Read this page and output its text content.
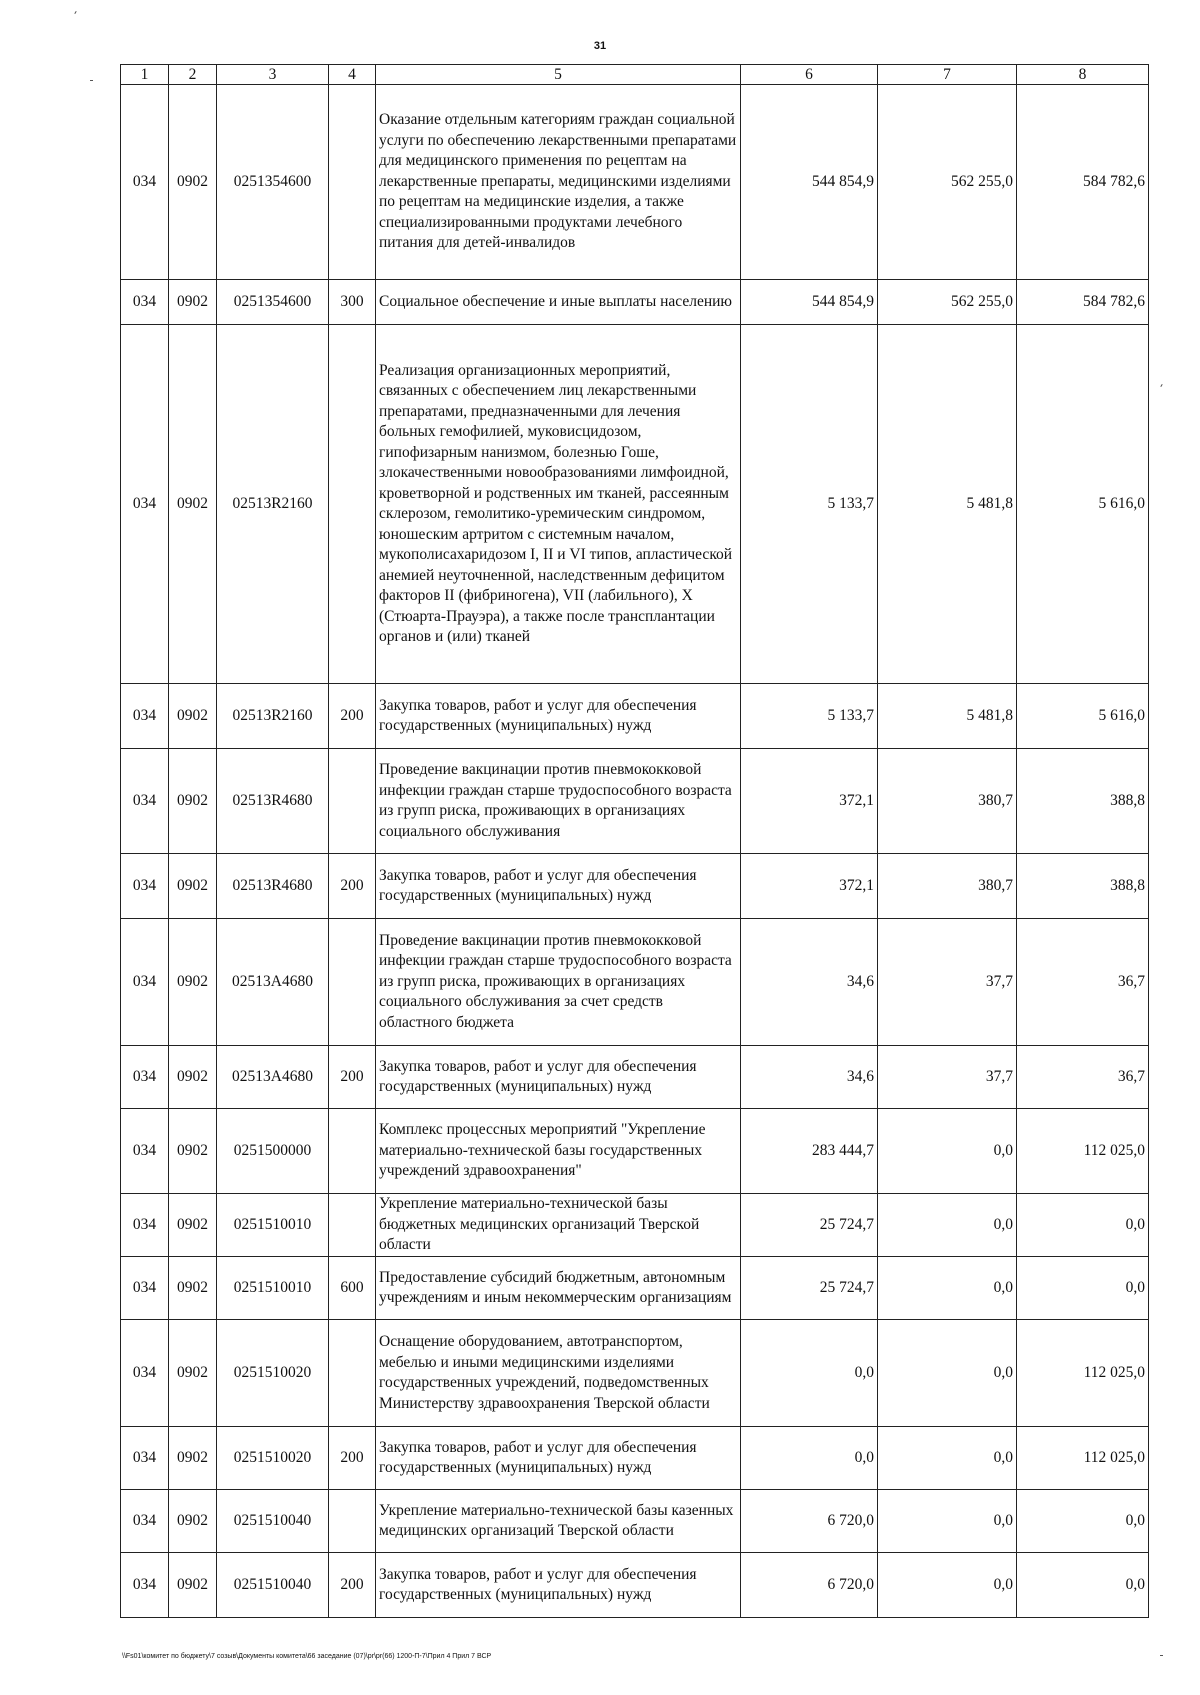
31
1	2	3	4	5	6	7	8
034	0902	0251354600		Оказание отдельным категориям граждан социальной услуги по обеспечению лекарственными препаратами для медицинского применения по рецептам на лекарственные препараты, медицинскими изделиями по рецептам на медицинские изделия, а также специализированными продуктами лечебного питания для детей-инвалидов	544 854,9	562 255,0	584 782,6
034	0902	0251354600	300	Социальное обеспечение и иные выплаты населению	544 854,9	562 255,0	584 782,6
034	0902	02513R2160		Реализация организационных мероприятий, связанных с обеспечением лиц лекарственными препаратами, предназначенными для лечения больных гемофилией, муковисцидозом, гипофизарным нанизмом, болезнью Гоше, злокачественными новообразованиями лимфоидной, кроветворной и родственных им тканей, рассеянным склерозом, гемолитико-уремическим синдромом, юношеским артритом с системным началом, мукополисахаридозом I, II и VI типов, апластической анемией неуточненной, наследственным дефицитом факторов II (фибриногена), VII (лабильного), X (Стюарта-Прауэра), а также после трансплантации органов и (или) тканей	5 133,7	5 481,8	5 616,0
034	0902	02513R2160	200	Закупка товаров, работ и услуг для обеспечения государственных (муниципальных) нужд	5 133,7	5 481,8	5 616,0
034	0902	02513R4680		Проведение вакцинации против пневмококковой инфекции граждан старше трудоспособного возраста из групп риска, проживающих в организациях социального обслуживания	372,1	380,7	388,8
034	0902	02513R4680	200	Закупка товаров, работ и услуг для обеспечения государственных (муниципальных) нужд	372,1	380,7	388,8
034	0902	02513A4680		Проведение вакцинации против пневмококковой инфекции граждан старше трудоспособного возраста из групп риска, проживающих в организациях социального обслуживания за счет средств областного бюджета	34,6	37,7	36,7
034	0902	02513A4680	200	Закупка товаров, работ и услуг для обеспечения государственных (муниципальных) нужд	34,6	37,7	36,7
034	0902	0251500000		Комплекс процессных мероприятий "Укрепление материально-технической базы государственных учреждений здравоохранения"	283 444,7	0,0	112 025,0
034	0902	0251510010		Укрепление материально-технической базы бюджетных медицинских организаций Тверской области	25 724,7	0,0	0,0
034	0902	0251510010	600	Предоставление субсидий бюджетным, автономным учреждениям и иным некоммерческим организациям	25 724,7	0,0	0,0
034	0902	0251510020		Оснащение оборудованием, автотранспортом, мебелью и иными медицинскими изделиями государственных учреждений, подведомственных Министерству здравоохранения Тверской области	0,0	0,0	112 025,0
034	0902	0251510020	200	Закупка товаров, работ и услуг для обеспечения государственных (муниципальных) нужд	0,0	0,0	112 025,0
034	0902	0251510040		Укрепление материально-технической базы казенных медицинских организаций Тверской области	6 720,0	0,0	0,0
034	0902	0251510040	200	Закупка товаров, работ и услуг для обеспечения государственных (муниципальных) нужд	6 720,0	0,0	0,0
\\Fs01\комитет по бюджету\7 созыв\Документы комитета\66 заседание (07)\pr\pr(66) 1200-П-7\Прил 4 Прил 7 ВСР
